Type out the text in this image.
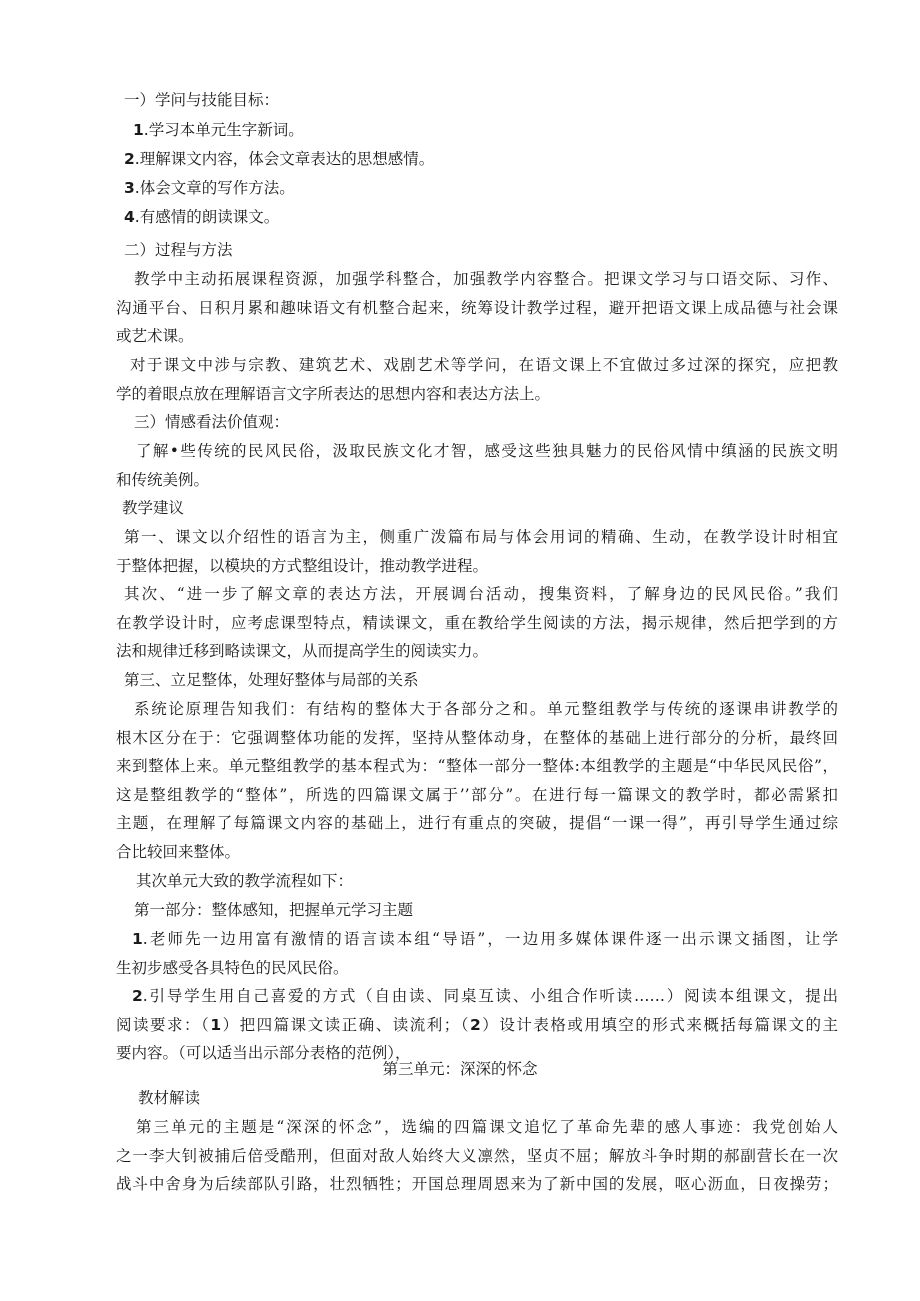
一）学问与技能目标：
1.学习本单元生字新词。
2.理解课文内容，体会文章表达的思想感情。
3.体会文章的写作方法。
4.有感情的朗读课文。
二）过程与方法
教学中主动拓展课程资源，加强学科整合，加强教学内容整合。把课文学习与口语交际、习作、
沟通平台、日积月累和趣味语文有机整合起来，统筹设计教学过程，避开把语文课上成品德与社会课
或艺术课。
对于课文中涉与宗教、建筑艺术、戏剧艺术等学问，在语文课上不宜做过多过深的探究，应把教
学的着眼点放在理解语言文字所表达的思想内容和表达方法上。
三）情感看法价值观：
了解•些传统的民风民俗，汲取民族文化才智，感受这些独具魅力的民俗风情中缜涵的民族文明
和传统美例。
教学建议
第一、课文以介绍性的语言为主，侧重广泼篇布局与体会用词的精确、生动，在教学设计时相宜
于整体把握，以模块的方式整组设计，推动教学进程。
其次、“进一步了解文章的表达方法，开展调台活动，搜集资料，了解身边的民风民俗。”我们
在教学设计时，应考虑课型特点，精读课文，重在教给学生阅读的方法，揭示规律，然后把学到的方
法和规律迁移到略读课文，从而提高学生的阅读实力。
第三、立足整体，处理好整体与局部的关系
系统论原理告知我们：有结构的整体大于各部分之和。单元整组教学与传统的逐课串讲教学的
根木区分在于：它强调整体功能的发挥，坚持从整体动身，在整体的基础上进行部分的分析，最终回
来到整体上来。单元整组教学的基本程式为：“整体一部分一整体:本组教学的主题是“中华民风民俗”，
这是整组教学的“整体”，所选的四篇课文属于’’部分”。在进行每一篇课文的教学时，都必需紧扣
主题，在理解了每篇课文内容的基础上，进行有重点的突破，提倡“一课一得”，再引导学生通过综
合比较回来整体。
其次单元大致的教学流程如下：
第一部分：整体感知，把握单元学习主题
1.老师先一边用富有激情的语言读本组“导语”，一边用多媒体课件逐一出示课文插图，让学
生初步感受各具特色的民风民俗。
2.引导学生用自己喜爱的方式（自由读、同桌互读、小组合作听读……）阅读本组课文，提出
阅读要求：（1）把四篇课文读正确、读流利；（2）设计表格或用填空的形式来概括每篇课文的主
要内容。（可以适当出示部分表格的范例），
第三单元：深深的怀念
教材解读
第三单元的主题是“深深的怀念”，选编的四篇课文追忆了革命先辈的感人事迹：我党创始人
之一李大钊被捕后倍受酷刑，但面对敌人始终大义凛然，坚贞不屈；解放斗争时期的郝副营长在一次
战斗中舍身为后续部队引路，壮烈牺牲；开国总理周恩来为了新中国的发展，呕心沥血，日夜操劳；
